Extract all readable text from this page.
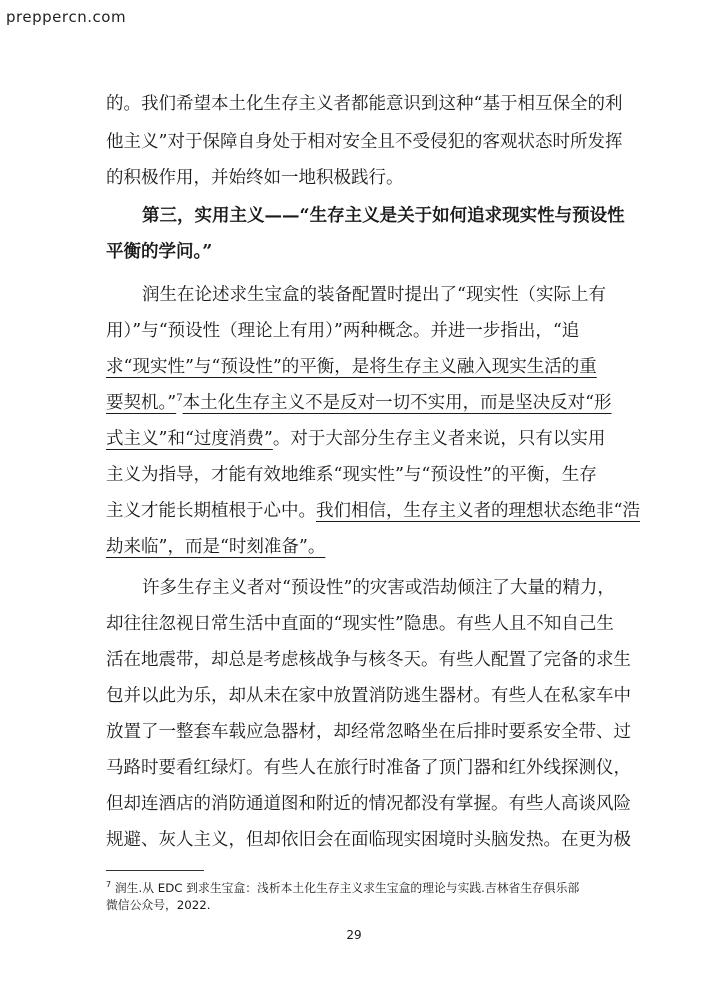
prepperсn.com
的。我们希望本土化生存主义者都能意识到这种“基于相互保全的利
他主义”对于保障自身处于相对安全且不受侵犯的客观状态时所发挥
的积极作用，并始终如一地积极践行。
第三，实用主义——“生存主义是关于如何追求现实性与预设性
平衡的学问。”
润生在论述求生宝盒的装备配置时提出了“现实性（实际上有
用）”与“预设性（理论上有用）”两种概念。并进一步指出，“追
求“现实性”与“预设性”的平衡，是将生存主义融入现实生活的重
要契机。”$^7$本土化生存主义不是反对一切不实用，而是坚决反对“形
式主义”和“过度消费”。对于大部分生存主义者来说，只有以实用
主义为指导，才能有效地维系“现实性”与“预设性”的平衡，生存
主义才能长期植根于心中。我们相信，生存主义者的理想状态绝非“浩
劫来临”，而是“时刻准备”。
许多生存主义者对“预设性”的灾害或浩劫倾注了大量的精力，
却往往忽视日常生活中直面的“现实性”隐患。有些人且不知自己生
活在地震带，却总是考虑核战争与核冬天。有些人配置了完备的求生
包并以此为乐，却从未在家中放置消防逃生器材。有些人在私家车中
放置了一整套车载应急器材，却经常忽略坐在后排时要系安全带、过
马路时要看红绿灯。有些人在旅行时准备了顶门器和红外线探测仪，
但却连酒店的消防通道图和附近的情况都没有掌握。有些人高谈风险
规避、灰人主义，但却依旧会在面临现实困境时头脑发热。在更为极
$^7$ 润生.从 EDC 到求生宝盒：浅析本土化生存主义求生宝盒的理论与实践.吉林省生存俱乐部
微信公众号，2022.
29
